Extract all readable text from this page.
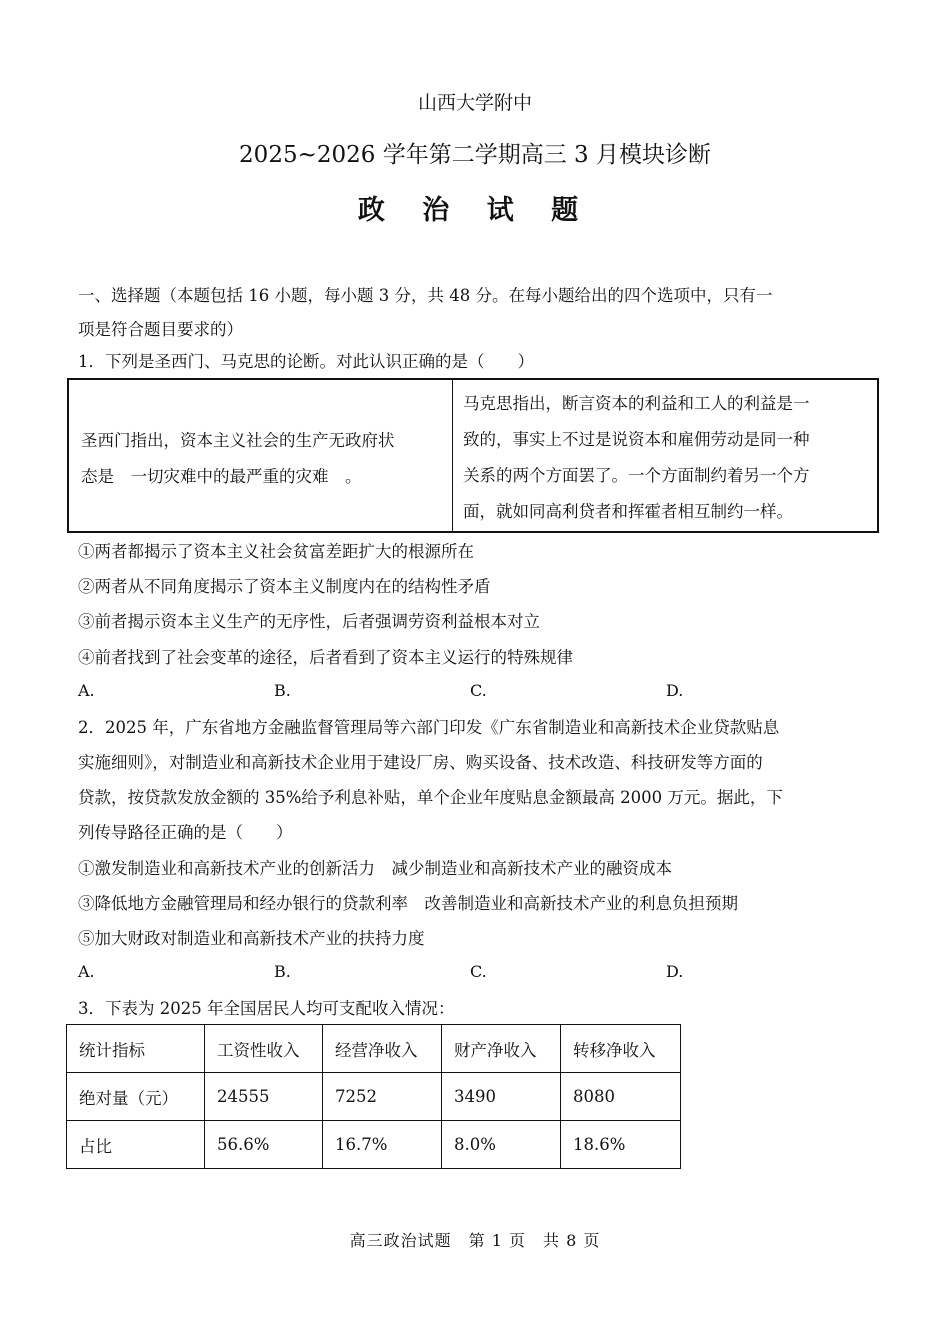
山西大学附中
2025~2026 学年第二学期高三 3 月模块诊断
政 治 试 题
一、选择题（本题包括 16 小题，每小题 3 分，共 48 分。在每小题给出的四个选项中，只有一
项是符合题目要求的）
1．下列是圣西门、马克思的论断。对此认识正确的是（　　）
圣西门指出，资本主义社会的生产无政府状
态是　一切灾难中的最严重的灾难　。
马克思指出，断言资本的利益和工人的利益是一
致的，事实上不过是说资本和雇佣劳动是同一种
关系的两个方面罢了。一个方面制约着另一个方
面，就如同高利贷者和挥霍者相互制约一样。
①两者都揭示了资本主义社会贫富差距扩大的根源所在
②两者从不同角度揭示了资本主义制度内在的结构性矛盾
③前者揭示资本主义生产的无序性，后者强调劳资利益根本对立
④前者找到了社会变革的途径，后者看到了资本主义运行的特殊规律
A.	B.	C.	D.
2．2025 年，广东省地方金融监督管理局等六部门印发《广东省制造业和高新技术企业贷款贴息
实施细则》，对制造业和高新技术企业用于建设厂房、购买设备、技术改造、科技研发等方面的
贷款，按贷款发放金额的 35%给予利息补贴，单个企业年度贴息金额最高 2000 万元。据此，下
列传导路径正确的是（　　）
①激发制造业和高新技术产业的创新活力　减少制造业和高新技术产业的融资成本
③降低地方金融管理局和经办银行的贷款利率　改善制造业和高新技术产业的利息负担预期
⑤加大财政对制造业和高新技术产业的扶持力度
A.	B.	C.	D.
3．下表为 2025 年全国居民人均可支配收入情况：
统计指标	工资性收入	经营净收入	财产净收入	转移净收入
绝对量（元）	24555	7252	3490	8080
占比	56.6%	16.7%	8.0%	18.6%
高三政治试题　第 1 页　共 8 页
